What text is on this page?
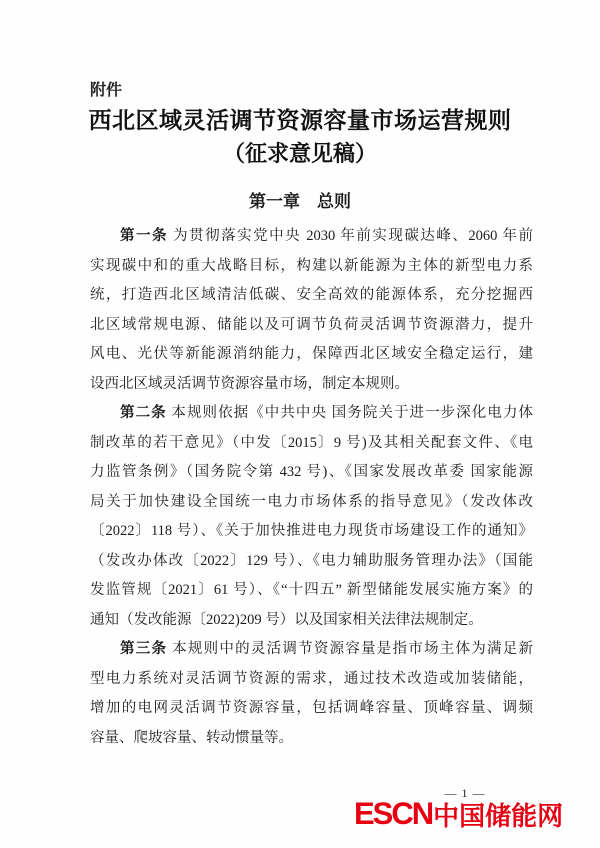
附件
西北区域灵活调节资源容量市场运营规则
（征求意见稿）
第一章　总则
第一条 为贯彻落实党中央 2030 年前实现碳达峰、2060 年前
实现碳中和的重大战略目标，构建以新能源为主体的新型电力系
统，打造西北区域清洁低碳、安全高效的能源体系，充分挖掘西
北区域常规电源、储能以及可调节负荷灵活调节资源潜力，提升
风电、光伏等新能源消纳能力，保障西北区域安全稳定运行，建
设西北区域灵活调节资源容量市场，制定本规则。
第二条 本规则依据《中共中央 国务院关于进一步深化电力体
制改革的若干意见》（中发〔2015〕9 号)及其相关配套文件、《电
力监管条例》（国务院令第 432 号)、《国家发展改革委 国家能源
局关于加快建设全国统一电力市场体系的指导意见》（发改体改
〔2022〕118 号）、《关于加快推进电力现货市场建设工作的通知》
（发改办体改〔2022〕129 号）、《电力辅助服务管理办法》（国能
发监管规〔2021〕61 号）、《“十四五” 新型储能发展实施方案》的
通知（发改能源〔2022)209 号）以及国家相关法律法规制定。
第三条 本规则中的灵活调节资源容量是指市场主体为满足新
型电力系统对灵活调节资源的需求，通过技术改造或加装储能，
增加的电网灵活调节资源容量，包括调峰容量、顶峰容量、调频
容量、爬坡容量、转动惯量等。
— 1 —
ESCN 中国储能网
